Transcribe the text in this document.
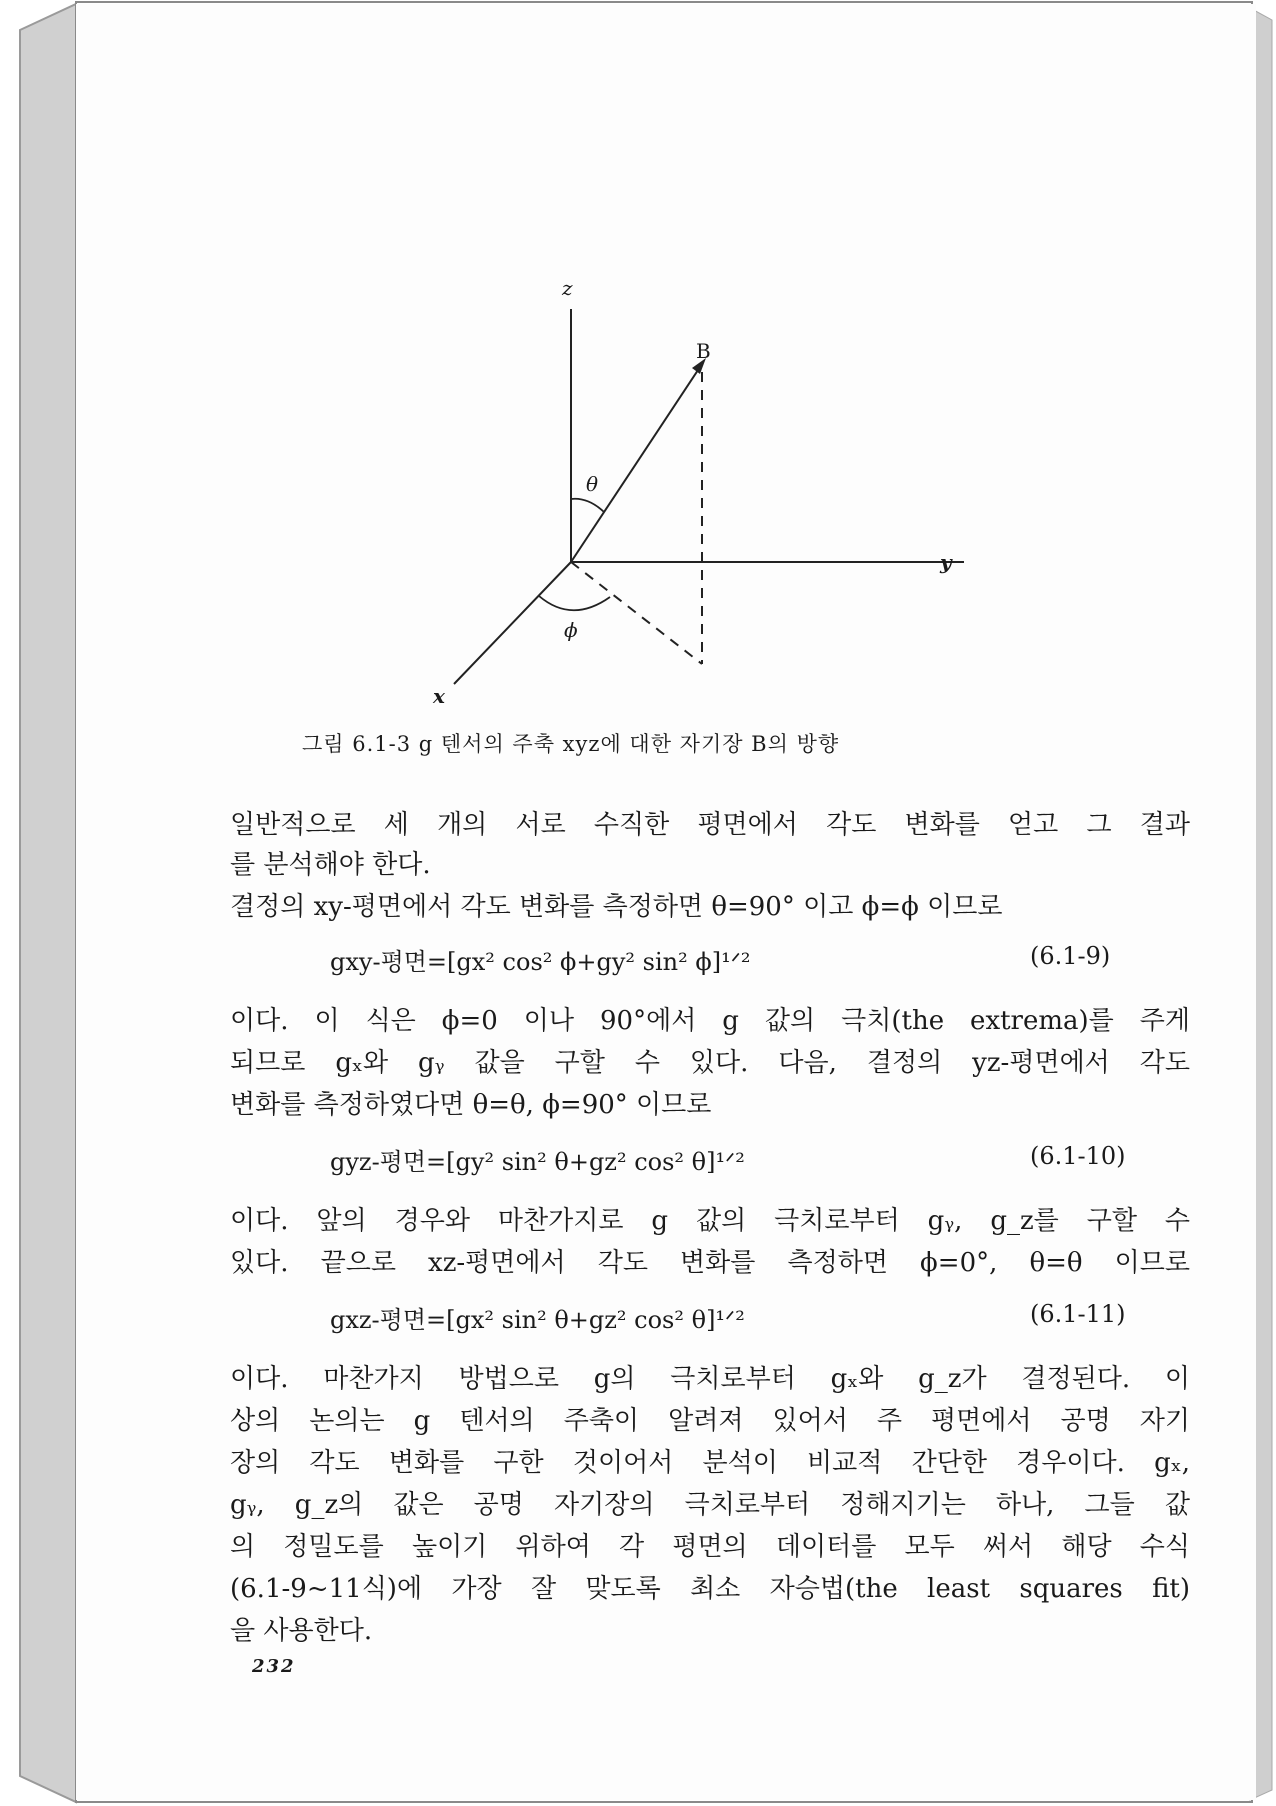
z
y
x
B
θ
ϕ
그림 6.1-3 g 텐서의 주축 xyz에 대한 자기장 B의 방향
일반적으로 세 개의 서로 수직한 평면에서 각도 변화를 얻고 그 결과
를 분석해야 한다.
결정의 xy-평면에서 각도 변화를 측정하면 θ=90° 이고 ϕ=ϕ 이므로
gxy-평면=[gx² cos² ϕ+gy² sin² ϕ]¹ᐟ²	(6.1-9)
이다. 이 식은 ϕ=0 이나 90°에서 g 값의 극치(the extrema)를 주게
되므로 gₓ와 gᵧ 값을 구할 수 있다. 다음, 결정의 yz-평면에서 각도
변화를 측정하였다면 θ=θ, ϕ=90° 이므로
gyz-평면=[gy² sin² θ+gz² cos² θ]¹ᐟ²	(6.1-10)
이다. 앞의 경우와 마찬가지로 g 값의 극치로부터 gᵧ, g_z를 구할 수
있다. 끝으로 xz-평면에서 각도 변화를 측정하면 ϕ=0°, θ=θ 이므로
gxz-평면=[gx² sin² θ+gz² cos² θ]¹ᐟ²	(6.1-11)
이다. 마찬가지 방법으로 g의 극치로부터 gₓ와 g_z가 결정된다. 이
상의 논의는 g 텐서의 주축이 알려져 있어서 주 평면에서 공명 자기
장의 각도 변화를 구한 것이어서 분석이 비교적 간단한 경우이다. gₓ,
gᵧ, g_z의 값은 공명 자기장의 극치로부터 정해지기는 하나, 그들 값
의 정밀도를 높이기 위하여 각 평면의 데이터를 모두 써서 해당 수식
(6.1-9~11식)에 가장 잘 맞도록 최소 자승법(the least squares fit)
을 사용한다.
232
